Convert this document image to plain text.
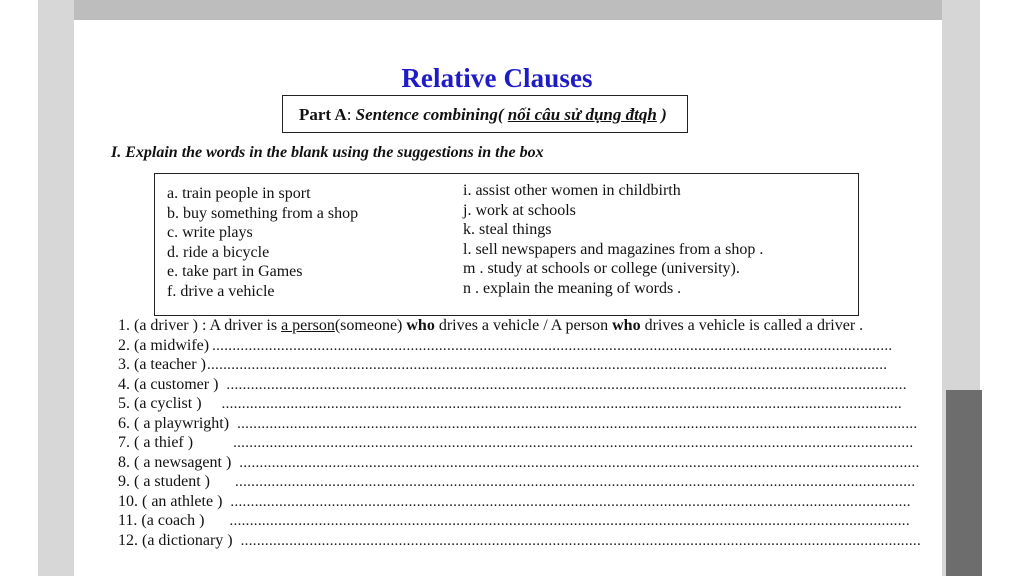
Relative Clauses
Part A: Sentence combining( nối câu sử dụng đtqh )
I. Explain the words in the blank using the suggestions in the box
a. train people in sport
b. buy something from a shop
c. write plays
d. ride a bicycle
e. take part in Games
f. drive a vehicle
i. assist other women in childbirth
j. work at schools
k. steal things
l. sell newspapers and magazines from a shop .
m . study at schools or college (university).
n . explain the meaning of words .
1. (a driver ) : A driver is a person(someone) who drives a vehicle / A person who drives a vehicle is called a driver .
2. (a midwife) ........................................................................................................................................................................
3. (a teacher ) ........................................................................................................................................................................
4. (a customer ) ........................................................................................................................................................................
5. (a cyclist ) ........................................................................................................................................................................
6. ( a playwright) ........................................................................................................................................................................
7. ( a thief )	........................................................................................................................................................................
8. ( a newsagent ) ........................................................................................................................................................................
9. ( a student ) ........................................................................................................................................................................
10. ( an athlete ) ........................................................................................................................................................................
11. (a coach ) ........................................................................................................................................................................
12. (a dictionary ) ........................................................................................................................................................................
